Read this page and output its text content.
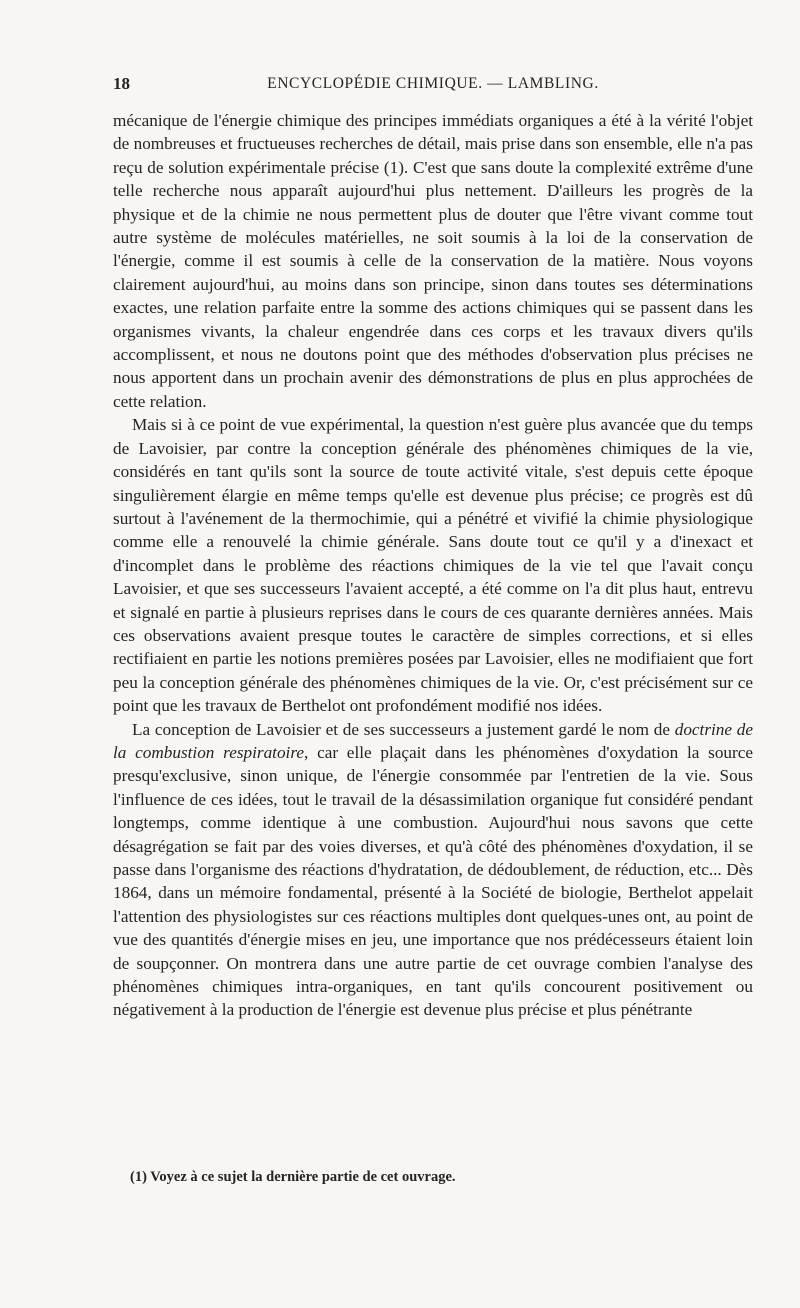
18	ENCYCLOPÉDIE CHIMIQUE. — LAMBLING.

mécanique de l'énergie chimique des principes immédiats organiques a été à la vérité l'objet de nombreuses et fructueuses recherches de détail, mais prise dans son ensemble, elle n'a pas reçu de solution expérimentale précise (1). C'est que sans doute la complexité extrême d'une telle recherche nous apparaît aujourd'hui plus nettement. D'ailleurs les progrès de la physique et de la chimie ne nous permettent plus de douter que l'être vivant comme tout autre système de molécules matérielles, ne soit soumis à la loi de la conservation de l'énergie, comme il est soumis à celle de la conservation de la matière. Nous voyons clairement aujourd'hui, au moins dans son principe, sinon dans toutes ses déterminations exactes, une relation parfaite entre la somme des actions chimiques qui se passent dans les organismes vivants, la chaleur engendrée dans ces corps et les travaux divers qu'ils accomplissent, et nous ne doutons point que des méthodes d'observation plus précises ne nous apportent dans un prochain avenir des démonstrations de plus en plus approchées de cette relation.

Mais si à ce point de vue expérimental, la question n'est guère plus avancée que du temps de Lavoisier, par contre la conception générale des phénomènes chimiques de la vie, considérés en tant qu'ils sont la source de toute activité vitale, s'est depuis cette époque singulièrement élargie en même temps qu'elle est devenue plus précise; ce progrès est dû surtout à l'avénement de la thermochimie, qui a pénétré et vivifié la chimie physiologique comme elle a renouvelé la chimie générale. Sans doute tout ce qu'il y a d'inexact et d'incomplet dans le problème des réactions chimiques de la vie tel que l'avait conçu Lavoisier, et que ses successeurs l'avaient accepté, a été comme on l'a dit plus haut, entrevu et signalé en partie à plusieurs reprises dans le cours de ces quarante dernières années. Mais ces observations avaient presque toutes le caractère de simples corrections, et si elles rectifiaient en partie les notions premières posées par Lavoisier, elles ne modifiaient que fort peu la conception générale des phénomènes chimiques de la vie. Or, c'est précisément sur ce point que les travaux de Berthelot ont profondément modifié nos idées.

La conception de Lavoisier et de ses successeurs a justement gardé le nom de doctrine de la combustion respiratoire, car elle plaçait dans les phénomènes d'oxydation la source presqu'exclusive, sinon unique, de l'énergie consommée par l'entretien de la vie. Sous l'influence de ces idées, tout le travail de la désassimilation organique fut considéré pendant longtemps, comme identique à une combustion. Aujourd'hui nous savons que cette désagrégation se fait par des voies diverses, et qu'à côté des phénomènes d'oxydation, il se passe dans l'organisme des réactions d'hydratation, de dédoublement, de réduction, etc... Dès 1864, dans un mémoire fondamental, présenté à la Société de biologie, Berthelot appelait l'attention des physiologistes sur ces réactions multiples dont quelques-unes ont, au point de vue des quantités d'énergie mises en jeu, une importance que nos prédécesseurs étaient loin de soupçonner. On montrera dans une autre partie de cet ouvrage combien l'analyse des phénomènes chimiques intra-organiques, en tant qu'ils concourent positivement ou négativement à la production de l'énergie est devenue plus précise et plus pénétrante

(1) Voyez à ce sujet la dernière partie de cet ouvrage.
